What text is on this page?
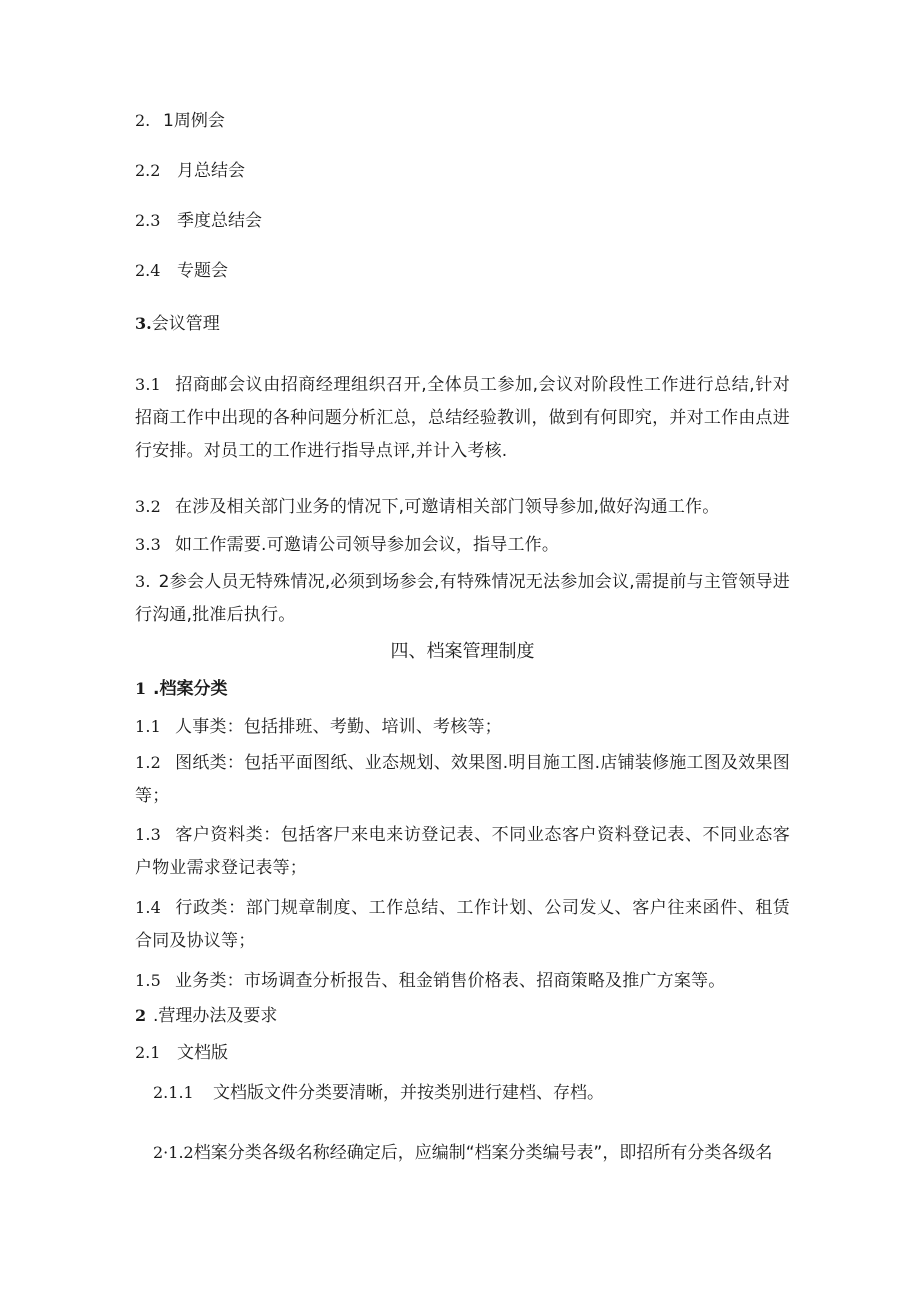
2. 1周例会
2.2 月总结会
2.3 季度总结会
2.4 专题会
3.会议管理
3.1 招商邮会议由招商经理组织召开,全体员工参加,会议对阶段性工作进行总结,针对招商工作中出现的各种问题分析汇总，总结经验教训，做到有何即究，并对工作由点进行安排。对员工的工作进行指导点评,并计入考核.
3.2 在涉及相关部门业务的情况下,可邀请相关部门领导参加,做好沟通工作。
3.3 如工作需要.可邀请公司领导参加会议，指导工作。
3. 2参会人员无特殊情况,必须到场参会,有特殊情况无法参加会议,需提前与主管领导进行沟通,批准后执行。
四、档案管理制度
1 .档案分类
1.1 人事类：包括排班、考勤、培训、考核等；
1.2 图纸类：包括平面图纸、业态规划、效果图.明目施工图.店铺装修施工图及效果图等；
1.3 客户资料类：包括客尸来电来访登记表、不同业态客户资料登记表、不同业态客户物业需求登记表等；
1.4 行政类：部门规章制度、工作总结、工作计划、公司发乂、客户往来函件、租赁合同及协议等；
1.5 业务类：市场调查分析报告、租金销售价格表、招商策略及推广方案等。
2 .营理办法及要求
2.1 文档版
2.1.1 文档版文件分类要清晰，并按类别进行建档、存档。
2·1.2档案分类各级名称经确定后，应编制“档案分类编号表”，即招所有分类各级名
